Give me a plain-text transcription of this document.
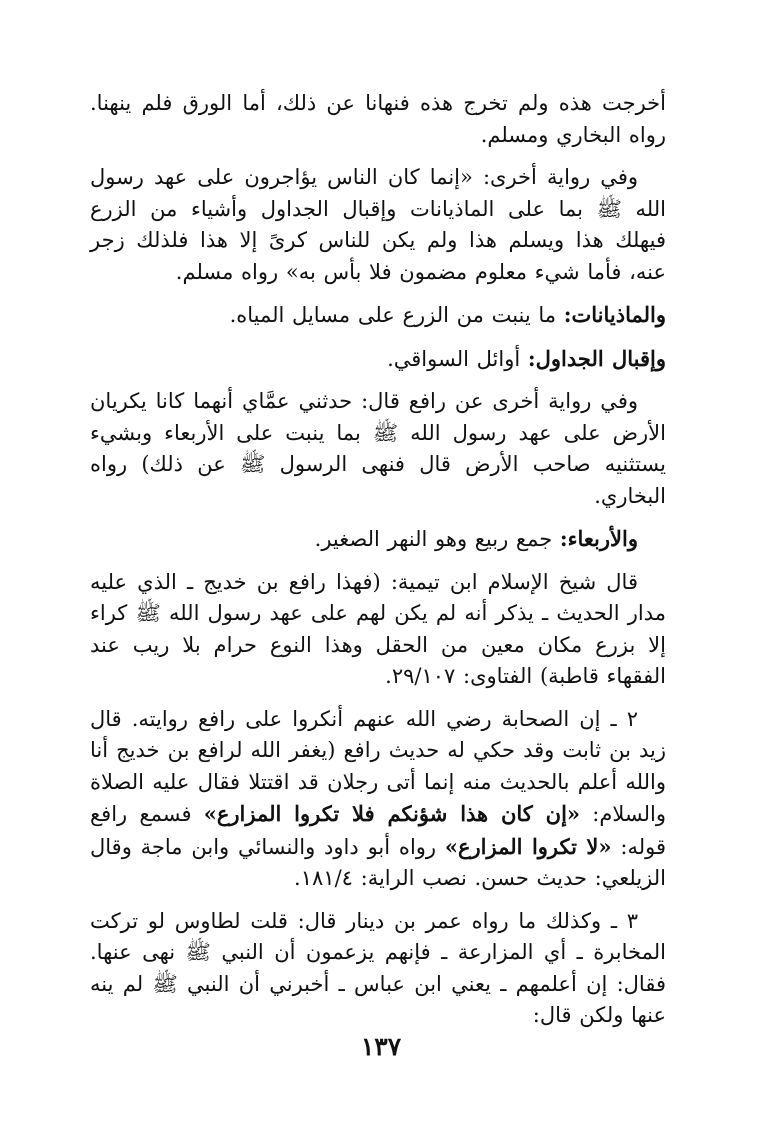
أخرجت هذه ولم تخرج هذه فنهانا عن ذلك، أما الورق فلم ينهنا. رواه البخاري ومسلم.

وفي رواية أخرى: «إنما كان الناس يؤاجرون على عهد رسول الله ﷺ بما على الماذيانات وإقبال الجداول وأشياء من الزرع فيهلك هذا ويسلم هذا ولم يكن للناس كرىً إلا هذا فلذلك زجر عنه، فأما شيء معلوم مضمون فلا بأس به» رواه مسلم.

والماذيانات: ما ينبت من الزرع على مسايل المياه.

وإقبال الجداول: أوائل السواقي.

وفي رواية أخرى عن رافع قال: حدثني عمَّاي أنهما كانا يكريان الأرض على عهد رسول الله ﷺ بما ينبت على الأربعاء وبشيء يستثنيه صاحب الأرض قال فنهى الرسول ﷺ عن ذلك) رواه البخاري.

والأربعاء: جمع ربيع وهو النهر الصغير.

قال شيخ الإسلام ابن تيمية: (فهذا رافع بن خديج ـ الذي عليه مدار الحديث ـ يذكر أنه لم يكن لهم على عهد رسول الله ﷺ كراء إلا بزرع مكان معين من الحقل وهذا النوع حرام بلا ريب عند الفقهاء قاطبة) الفتاوى: ٢٩/١٠٧.

٢ ـ إن الصحابة رضي الله عنهم أنكروا على رافع روايته. قال زيد بن ثابت وقد حكي له حديث رافع (يغفر الله لرافع بن خديج أنا والله أعلم بالحديث منه إنما أتى رجلان قد اقتتلا فقال عليه الصلاة والسلام: «إن كان هذا شؤنكم فلا تكروا المزارع» فسمع رافع قوله: «لا تكروا المزارع» رواه أبو داود والنسائي وابن ماجة وقال الزيلعي: حديث حسن. نصب الراية: ١٨١/٤.

٣ ـ وكذلك ما رواه عمر بن دينار قال: قلت لطاوس لو تركت المخابرة ـ أي المزارعة ـ فإنهم يزعمون أن النبي ﷺ نهى عنها. فقال: إن أعلمهم ـ يعني ابن عباس ـ أخبرني أن النبي ﷺ لم ينه عنها ولكن قال:

١٣٧
